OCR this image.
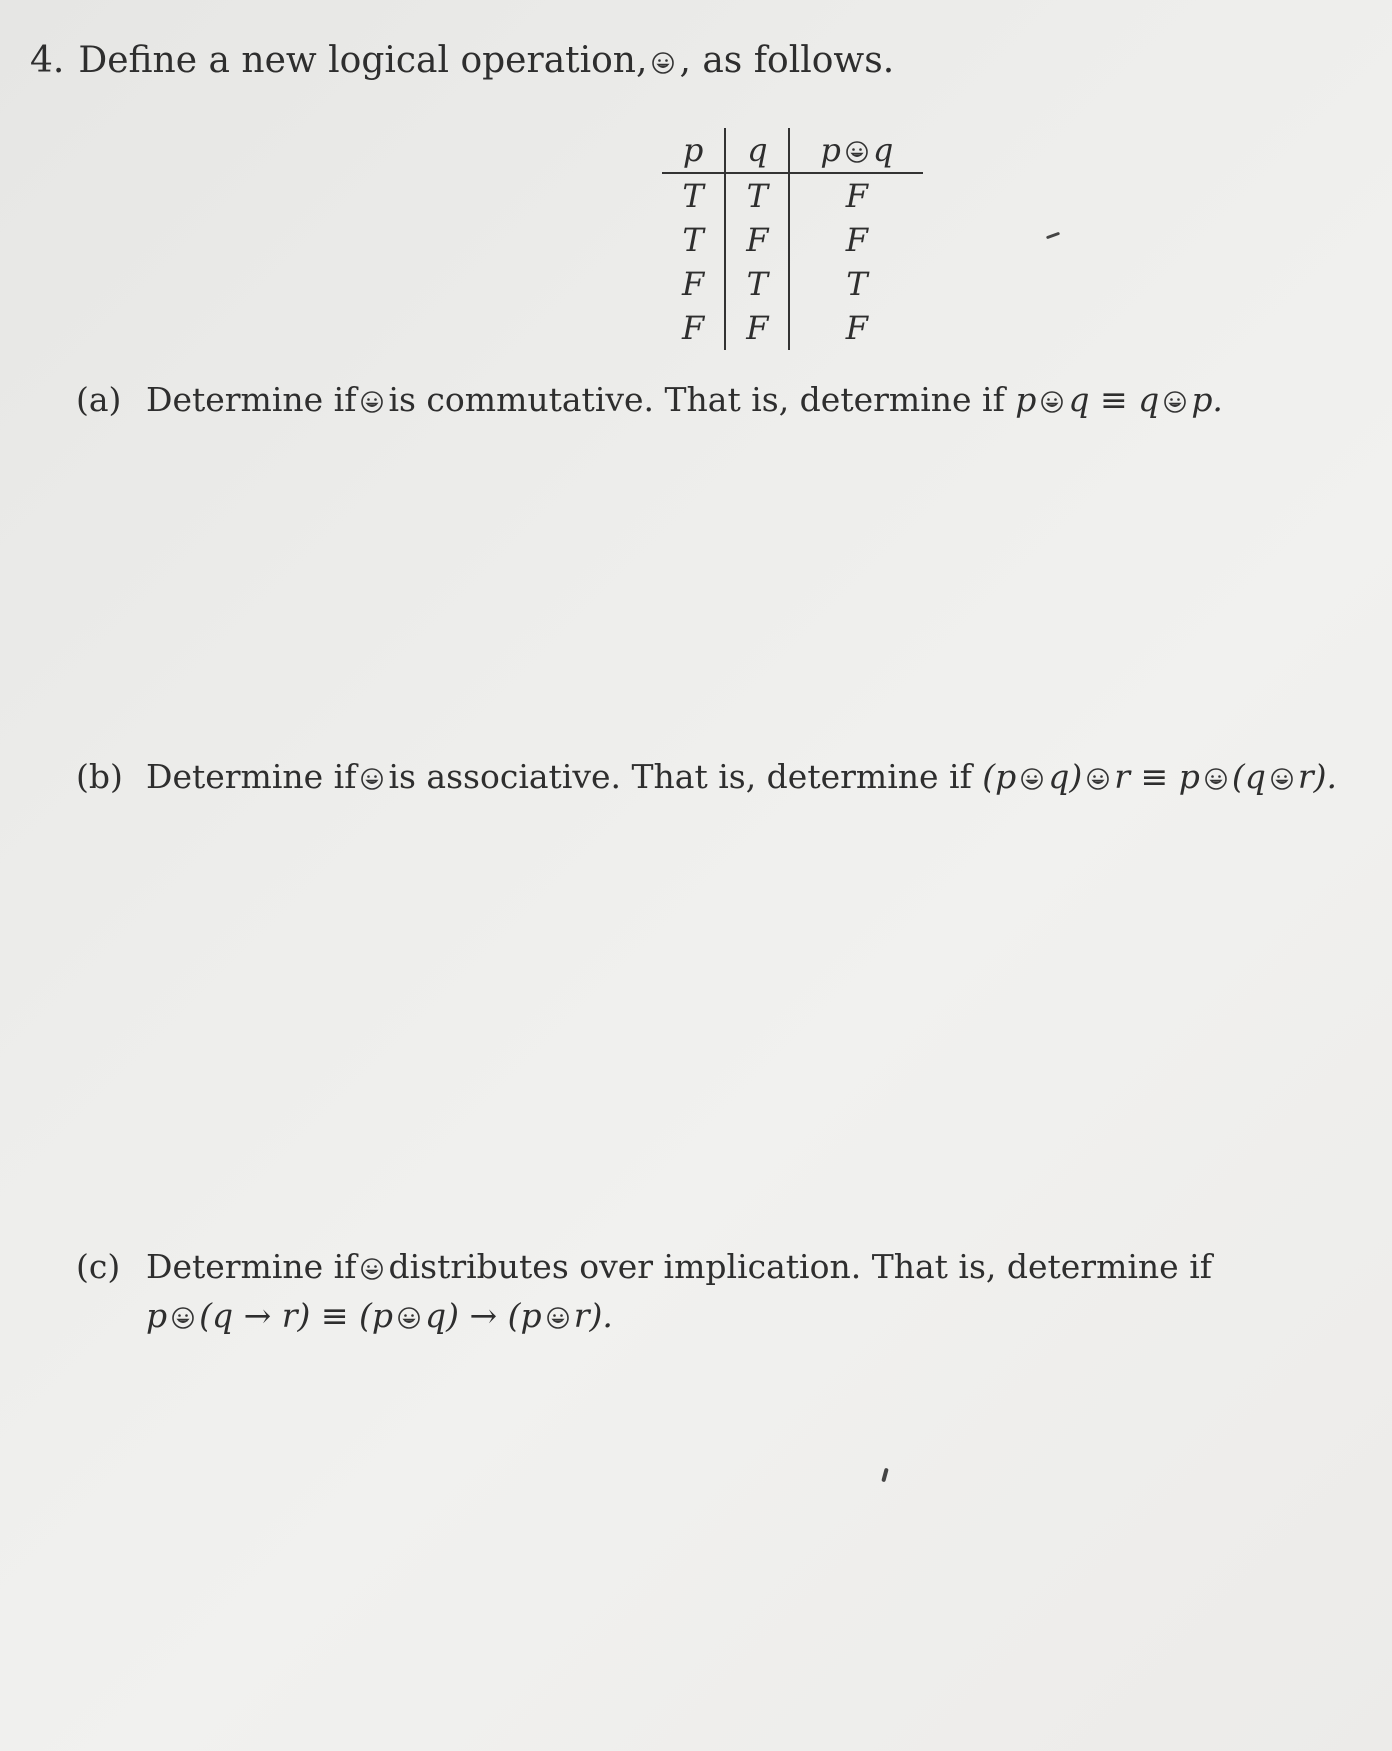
4. Define a new logical operation, , as follows.
p	q	p q
T	T	F
T	F	F
F	T	T
F	F	F
(a) Determine if is commutative. That is, determine if p q ≡ q p.
(b) Determine if is associative. That is, determine if (p q) r ≡ p (q r).
(c) Determine if distributes over implication. That is, determine if
p (q → r) ≡ (p q) → (p r).
